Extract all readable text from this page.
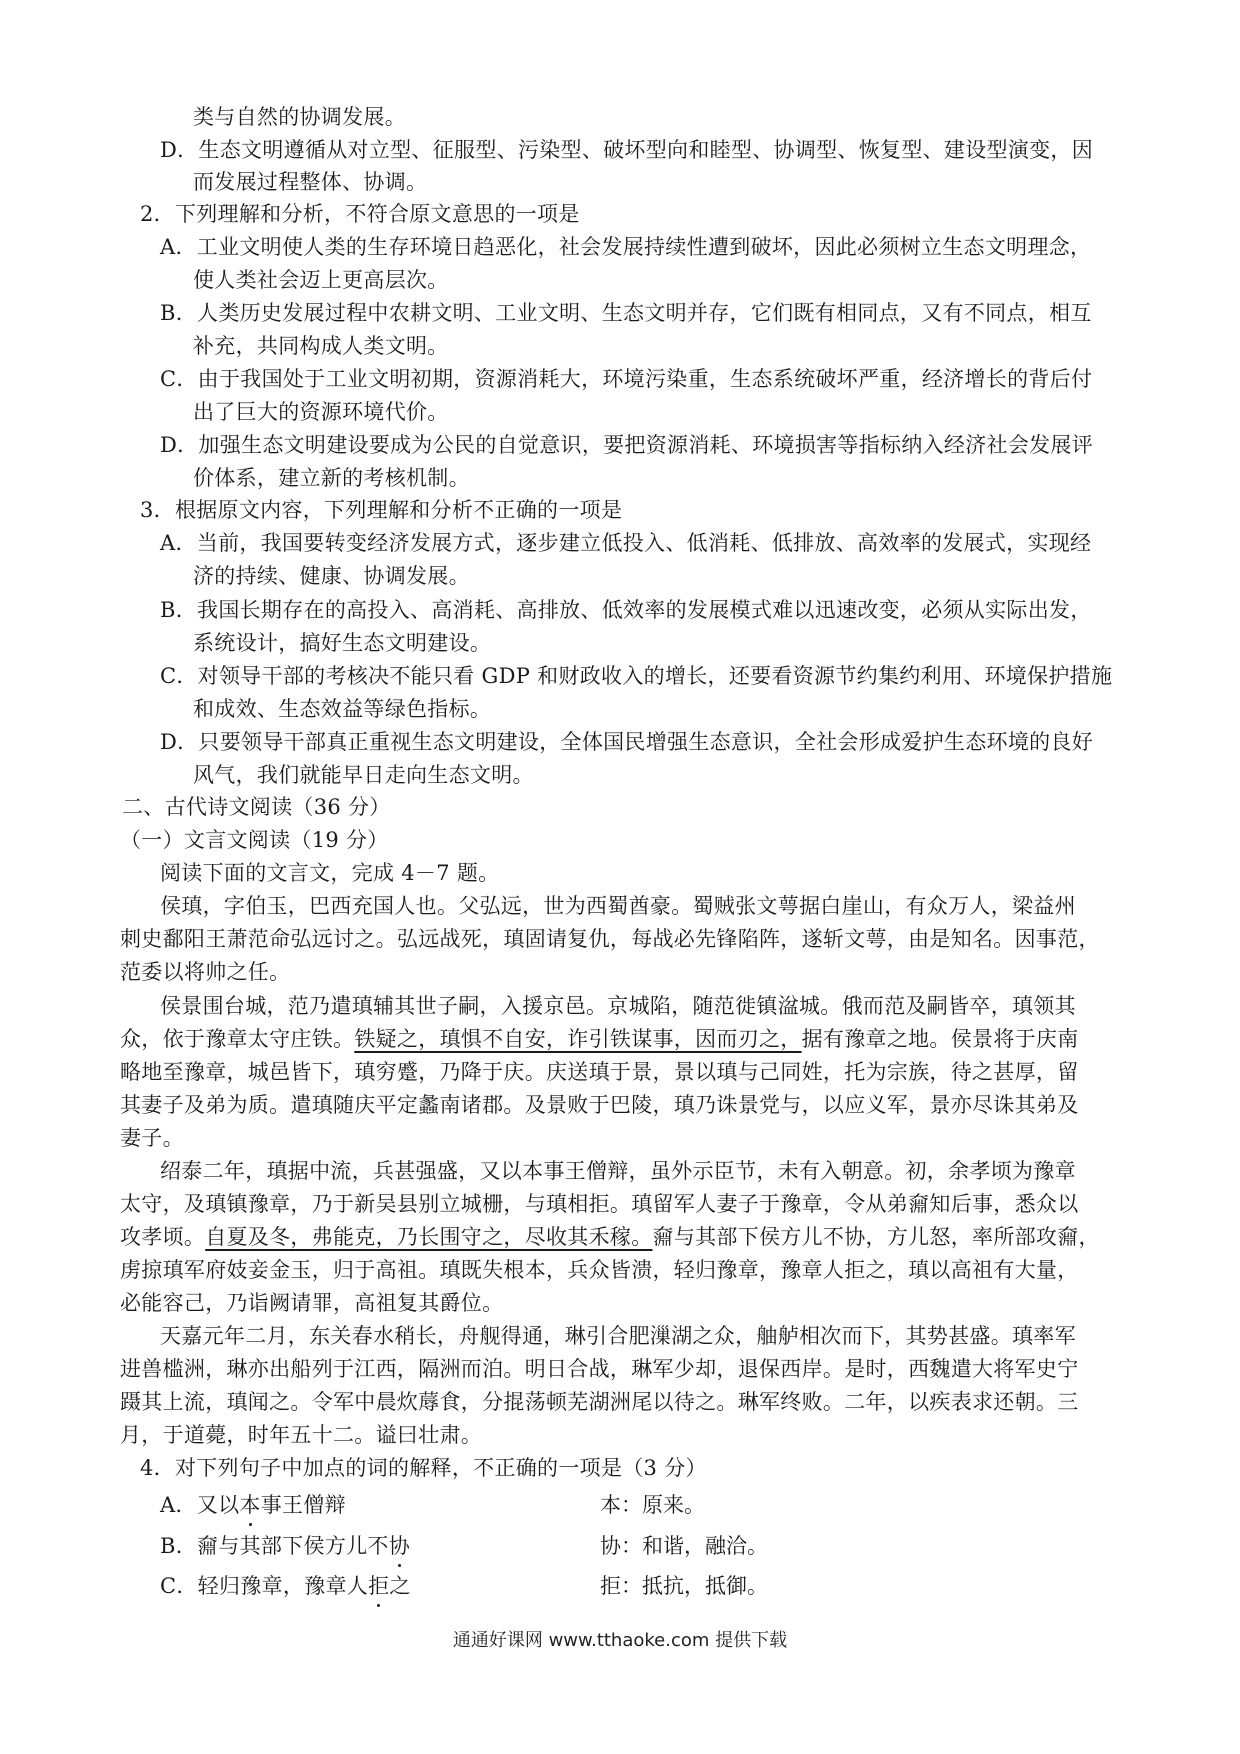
类与自然的协调发展。
D．生态文明遵循从对立型、征服型、污染型、破坏型向和睦型、协调型、恢复型、建设型演变，因
而发展过程整体、协调。
2．下列理解和分析，不符合原文意思的一项是
A．工业文明使人类的生存环境日趋恶化，社会发展持续性遭到破坏，因此必须树立生态文明理念，
使人类社会迈上更高层次。
B．人类历史发展过程中农耕文明、工业文明、生态文明并存，它们既有相同点，又有不同点，相互
补充，共同构成人类文明。
C．由于我国处于工业文明初期，资源消耗大，环境污染重，生态系统破坏严重，经济增长的背后付
出了巨大的资源环境代价。
D．加强生态文明建设要成为公民的自觉意识，要把资源消耗、环境损害等指标纳入经济社会发展评
价体系，建立新的考核机制。
3．根据原文内容，下列理解和分析不正确的一项是
A．当前，我国要转变经济发展方式，逐步建立低投入、低消耗、低排放、高效率的发展式，实现经
济的持续、健康、协调发展。
B．我国长期存在的高投入、高消耗、高排放、低效率的发展模式难以迅速改变，必须从实际出发，
系统设计，搞好生态文明建设。
C．对领导干部的考核决不能只看 GDP 和财政收入的增长，还要看资源节约集约利用、环境保护措施
和成效、生态效益等绿色指标。
D．只要领导干部真正重视生态文明建设，全体国民增强生态意识，全社会形成爱护生态环境的良好
风气，我们就能早日走向生态文明。
二、古代诗文阅读（36 分）
（一）文言文阅读（19 分）
阅读下面的文言文，完成 4－7 题。
侯瑱，字伯玉，巴西充国人也。父弘远，世为西蜀酋豪。蜀贼张文萼据白崖山，有众万人，梁益州
刺史鄱阳王萧范命弘远讨之。弘远战死，瑱固请复仇，每战必先锋陷阵，遂斩文萼，由是知名。因事范，
范委以将帅之任。
侯景围台城，范乃遣瑱辅其世子嗣，入援京邑。京城陷，随范徙镇湓城。俄而范及嗣皆卒，瑱领其
众，依于豫章太守庄铁。铁疑之，瑱惧不自安，诈引铁谋事，因而刃之，据有豫章之地。侯景将于庆南
略地至豫章，城邑皆下，瑱穷蹙，乃降于庆。庆送瑱于景，景以瑱与己同姓，托为宗族，待之甚厚，留
其妻子及弟为质。遣瑱随庆平定蠡南诸郡。及景败于巴陵，瑱乃诛景党与，以应义军，景亦尽诛其弟及
妻子。
绍泰二年，瑱据中流，兵甚强盛，又以本事王僧辩，虽外示臣节，未有入朝意。初，余孝顷为豫章
太守，及瑱镇豫章，乃于新吴县别立城栅，与瑱相拒。瑱留军人妻子于豫章，令从弟奫知后事，悉众以
攻孝顷。自夏及冬，弗能克，乃长围守之，尽收其禾稼。奫与其部下侯方儿不协，方儿怒，率所部攻奫，
虏掠瑱军府妓妾金玉，归于高祖。瑱既失根本，兵众皆溃，轻归豫章，豫章人拒之，瑱以高祖有大量，
必能容己，乃诣阙请罪，高祖复其爵位。
天嘉元年二月，东关春水稍长，舟舰得通，琳引合肥漅湖之众，舳舻相次而下，其势甚盛。瑱率军
进兽槛洲，琳亦出船列于江西，隔洲而泊。明日合战，琳军少却，退保西岸。是时，西魏遣大将军史宁
蹑其上流，瑱闻之。令军中晨炊蓐食，分掍荡顿芜湖洲尾以待之。琳军终败。二年，以疾表求还朝。三
月，于道薨，时年五十二。谥曰壮肃。
4．对下列句子中加点的词的解释，不正确的一项是（3 分）
A．又以本事王僧辩	本：原来。
B．奫与其部下侯方儿不协	协：和谐，融洽。
C．轻归豫章，豫章人拒之	拒：抵抗，抵御。
通通好课网 www.tthaoke.com 提供下载
